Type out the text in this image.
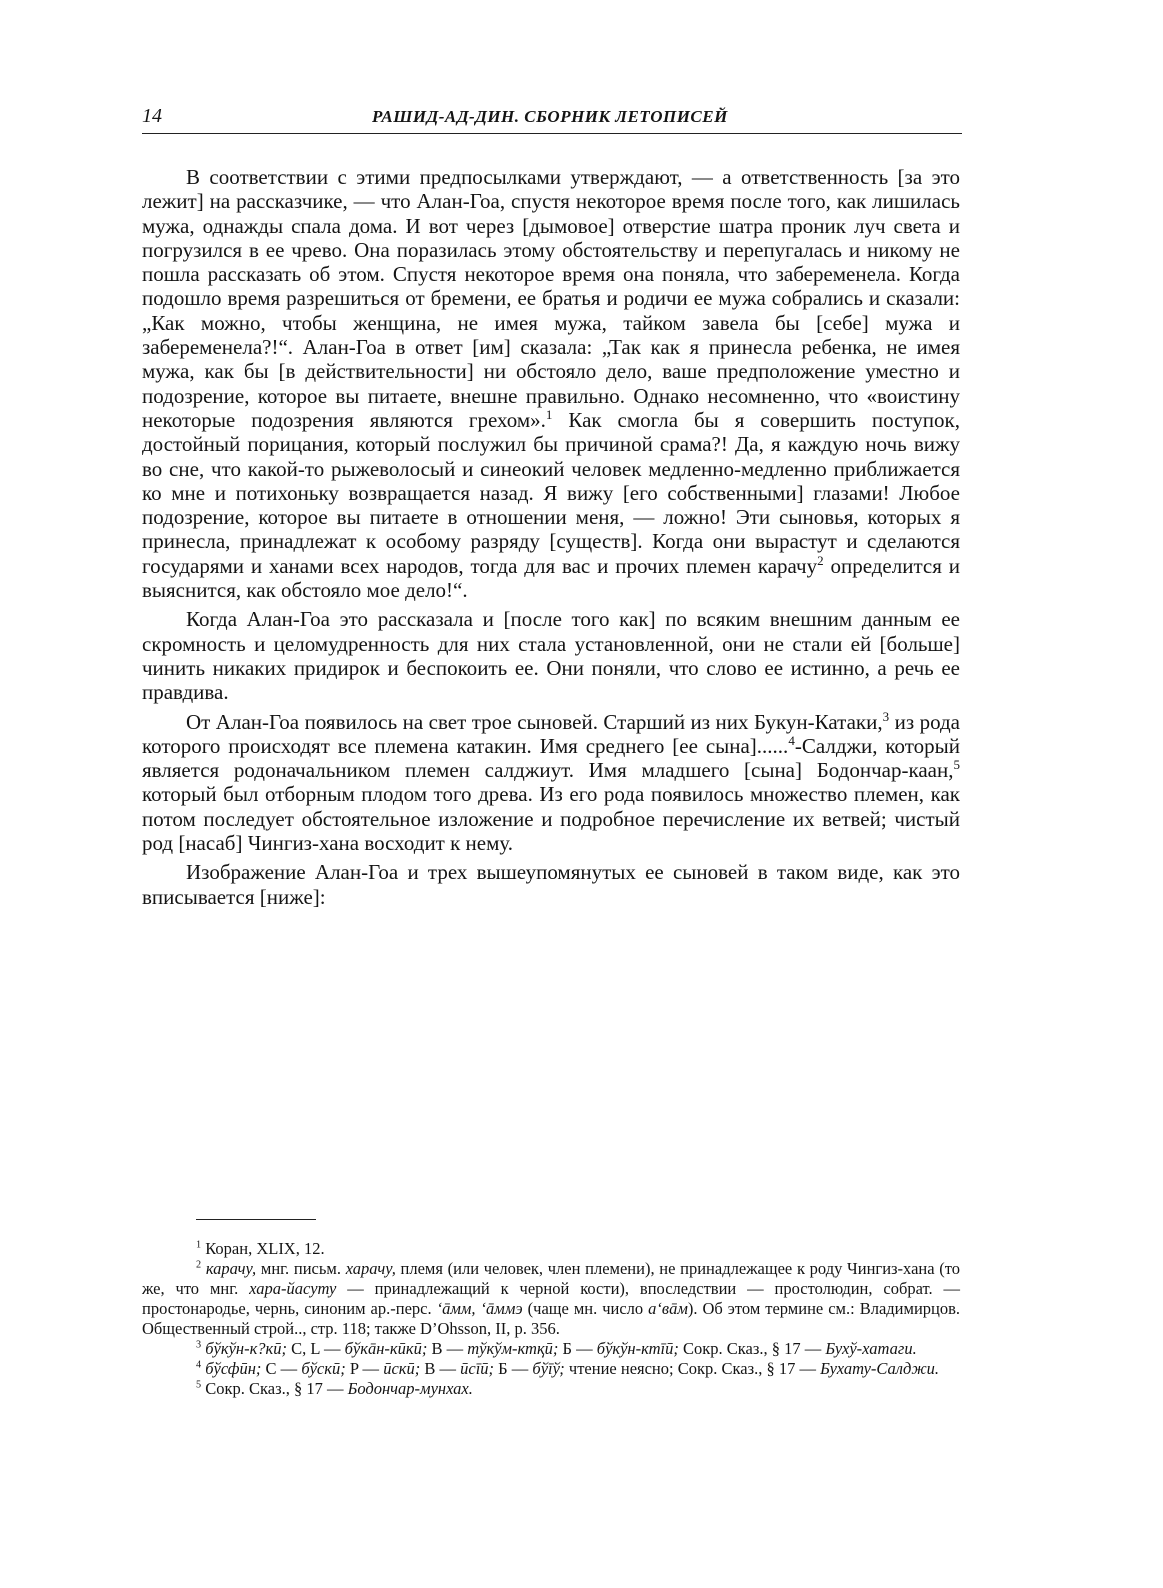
14	РАШИД-АД-ДИН. СБОРНИК ЛЕТОПИСЕЙ

В соответствии с этими предпосылками утверждают, — а ответственность [за это лежит] на рассказчике, — что Алан-Гоа, спустя некоторое время после того, как лишилась мужа, однажды спала дома. И вот через [дымовое] отверстие шатра проник луч света и погрузился в ее чрево. Она поразилась этому обстоятельству и перепугалась и никому не пошла рассказать об этом. Спустя некоторое время она поняла, что забеременела. Когда подошло время разрешиться от бремени, ее братья и родичи ее мужа собрались и сказали: „Как можно, чтобы женщина, не имея мужа, тайком завела бы [себе] мужа и забеременела?!“. Алан-Гоа в ответ [им] сказала: „Так как я принесла ребенка, не имея мужа, как бы [в действительности] ни обстояло дело, ваше предположение уместно и подозрение, которое вы питаете, внешне правильно. Однако несомненно, что «воистину некоторые подозрения являются грехом».$^1$ Как смогла бы я совершить поступок, достойный порицания, который послужил бы причиной срама?! Да, я каждую ночь вижу во сне, что какой-то рыжеволосый и синеокий человек медленно-медленно приближается ко мне и потихоньку возвращается назад. Я вижу [его собственными] глазами! Любое подозрение, которое вы питаете в отношении меня, — ложно! Эти сыновья, которых я принесла, принадлежат к особому разряду [существ]. Когда они вырастут и сделаются государями и ханами всех народов, тогда для вас и прочих племен карачу$^2$ определится и выяснится, как обстояло мое дело!“.

Когда Алан-Гоа это рассказала и [после того как] по всяким внешним данным ее скромность и целомудренность для них стала установленной, они не стали ей [больше] чинить никаких придирок и беспокоить ее. Они поняли, что слово ее истинно, а речь ее правдива.

От Алан-Гоа появилось на свет трое сыновей. Старший из них Букун-Катаки,$^3$ из рода которого происходят все племена катакин. Имя среднего [ее сына]......$^4$-Салджи, который является родоначальником племен салджиут. Имя младшего [сына] Бодончар-каан,$^5$ который был отборным плодом того древа. Из его рода появилось множество племен, как потом последует обстоятельное изложение и подробное перечисление их ветвей; чистый род [насаб] Чингиз-хана восходит к нему.

Изображение Алан-Гоа и трех вышеупомянутых ее сыновей в таком виде, как это вписывается [ниже]:

$^1$ Коран, XLIX, 12.

$^2$ карачу, мнг. письм. харачу, племя (или человек, член племени), не принадлежащее к роду Чингиз-хана (то же, что мнг. хара-йасуту — принадлежащий к черной кости), впоследствии — простолюдин, собрат. — простонародье, чернь, синоним ар.-перс. ‘āмм, ‘āммэ (чаще мн. число а‘вāм). Об этом термине см.: Владимирцов. Общественный строй.., стр. 118; также D’Ohsson, II, p. 356.

$^3$ бўкўн-к?кū; C, L — бўкāн-кūкū; B — тўкўм-ктқū; Б — бўкўн-ктīū; Сокр. Сказ., § 17 — Бухў-хатагu.

$^4$ бўсфūн; C — бўскū; P — ūскū; B — ūсīū; Б — бўīў; чтение неясно; Сокр. Сказ., § 17 — Бухату-Салджи.

$^5$ Сокр. Сказ., § 17 — Бодончар-мунхах.
